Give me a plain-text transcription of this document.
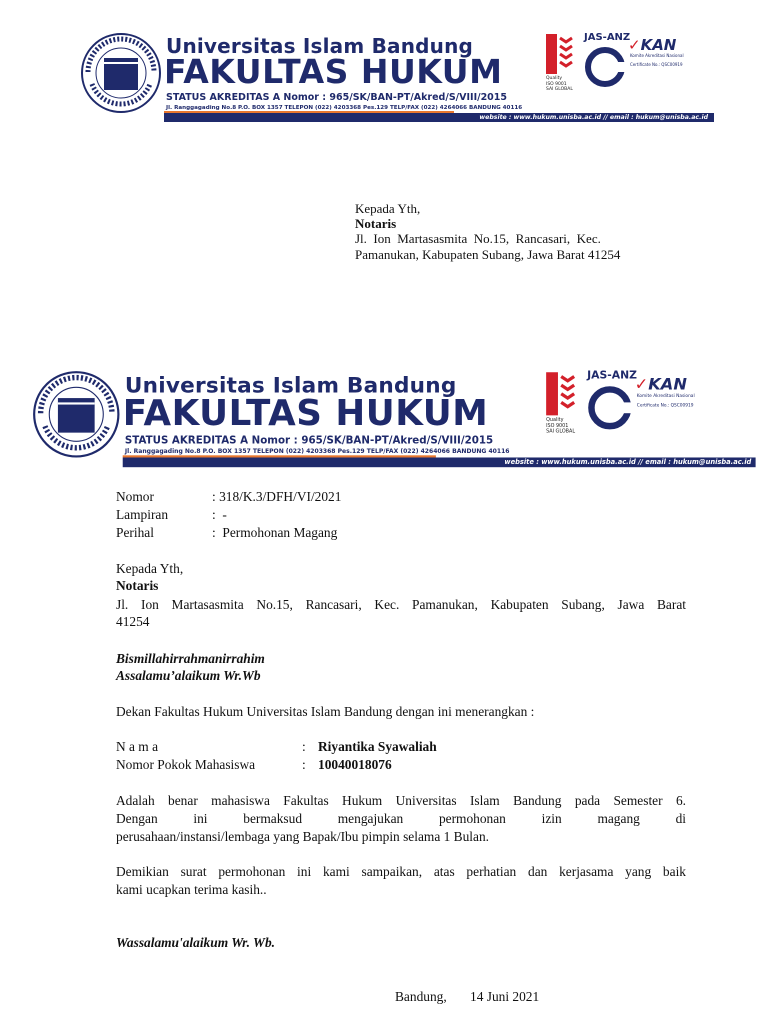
Universitas Islam Bandung
FAKULTAS HUKUM
STATUS AKREDITAS A Nomor : 965/SK/BAN-PT/Akred/S/VIII/2015
Jl. Ranggagading No.8 P.O. BOX 1357 TELEPON (022) 4203368 Pes.129 TELP/FAX (022) 4264066 BANDUNG 40116
website : www.hukum.unisba.ac.id // email : hukum@unisba.ac.id
Quality
ISO 9001
SAI GLOBAL
JAS-ANZ
✓KAN
Komite Akreditasi Nasional
Certificate No.: QSC00919
Kepada Yth,
Notaris
Jl.  Ion  Martasasmita  No.15,  Rancasari,  Kec.
Pamanukan, Kabupaten Subang, Jawa Barat 41254
Universitas Islam Bandung
FAKULTAS HUKUM
STATUS AKREDITAS A Nomor : 965/SK/BAN-PT/Akred/S/VIII/2015
Jl. Ranggagading No.8 P.O. BOX 1357 TELEPON (022) 4203368 Pes.129 TELP/FAX (022) 4264066 BANDUNG 40116
website : www.hukum.unisba.ac.id // email : hukum@unisba.ac.id
Quality
ISO 9001
SAI GLOBAL
JAS-ANZ
✓KAN
Komite Akreditasi Nasional
Certificate No.: QSC00919
Nomor	: 318/K.3/DFH/VI/2021
Lampiran	:  -
Perihal	:  Permohonan Magang
Kepada Yth,
Notaris
Jl. Ion Martasasmita No.15, Rancasari, Kec. Pamanukan, Kabupaten Subang, Jawa Barat
41254
Bismillahirrahmanirrahim
Assalamu’alaikum Wr.Wb
Dekan Fakultas Hukum Universitas Islam Bandung dengan ini menerangkan :
N a m a	: Riyantika Syawaliah
Nomor Pokok Mahasiswa	: 10040018076
Adalah benar mahasiswa Fakultas Hukum Universitas Islam Bandung pada Semester 6.
Dengan ini bermaksud mengajukan permohonan izin magang di
perusahaan/instansi/lembaga yang Bapak/Ibu pimpin selama 1 Bulan.
Demikian surat permohonan ini kami sampaikan, atas perhatian dan kerjasama yang baik
kami ucapkan terima kasih..
Wassalamu'alaikum Wr. Wb.
Bandung, 14 Juni 2021
